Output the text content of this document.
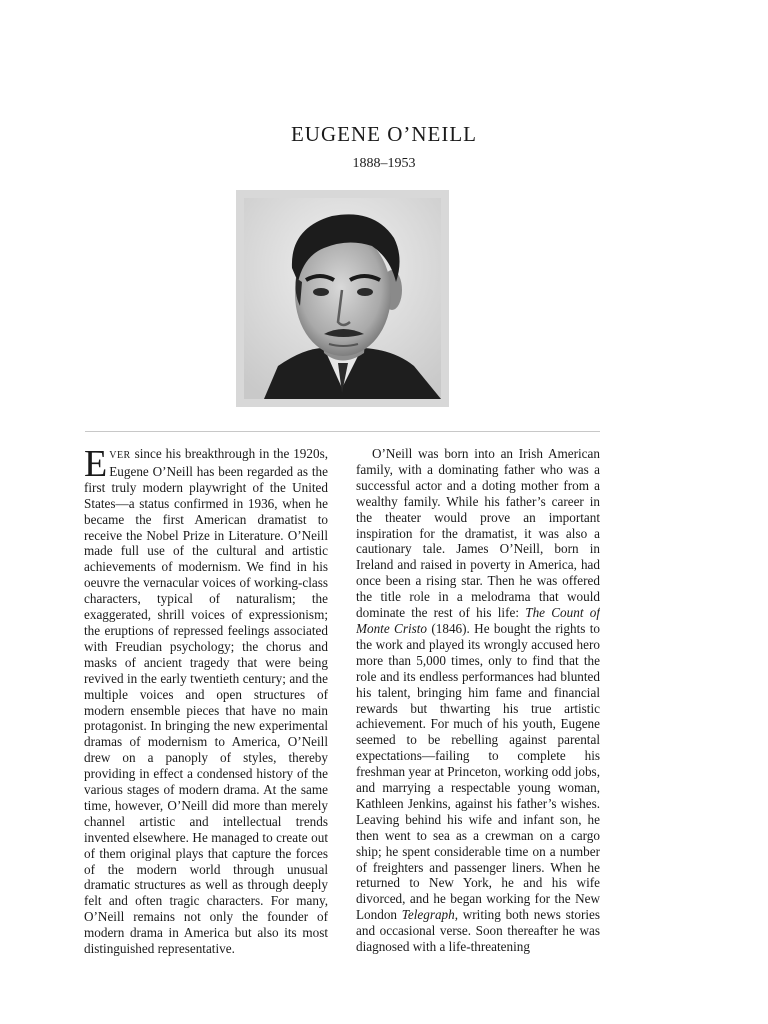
EUGENE O’NEILL
1888–1953

EVER since his breakthrough in the 1920s, Eugene O’Neill has been regarded as the first truly modern playwright of the United States—a status confirmed in 1936, when he became the first American dramatist to receive the Nobel Prize in Literature. O’Neill made full use of the cultural and artistic achievements of modernism. We find in his oeuvre the vernacular voices of working-class characters, typical of naturalism; the exaggerated, shrill voices of expressionism; the eruptions of repressed feelings associated with Freudian psychology; the chorus and masks of ancient tragedy that were being revived in the early twentieth century; and the multiple voices and open structures of modern ensemble pieces that have no main protagonist. In bringing the new experimental dramas of modernism to America, O’Neill drew on a panoply of styles, thereby providing in effect a condensed history of the various stages of modern drama. At the same time, however, O’Neill did more than merely channel artistic and intellectual trends invented elsewhere. He managed to create out of them original plays that capture the forces of the modern world through unusual dramatic structures as well as through deeply felt and often tragic characters. For many, O’Neill remains not only the founder of modern drama in America but also its most distinguished representative.

O’Neill was born into an Irish American family, with a dominating father who was a successful actor and a doting mother from a wealthy family. While his father’s career in the theater would prove an important inspiration for the dramatist, it was also a cautionary tale. James O’Neill, born in Ireland and raised in poverty in America, had once been a rising star. Then he was offered the title role in a melodrama that would dominate the rest of his life: The Count of Monte Cristo (1846). He bought the rights to the work and played its wrongly accused hero more than 5,000 times, only to find that the role and its endless performances had blunted his talent, bringing him fame and financial rewards but thwarting his true artistic achievement. For much of his youth, Eugene seemed to be rebelling against parental expectations—failing to complete his freshman year at Princeton, working odd jobs, and marrying a respectable young woman, Kathleen Jenkins, against his father’s wishes. Leaving behind his wife and infant son, he then went to sea as a crewman on a cargo ship; he spent considerable time on a number of freighters and passenger liners. When he returned to New York, he and his wife divorced, and he began working for the New London Telegraph, writing both news stories and occasional verse. Soon thereafter he was diagnosed with a life-threatening
